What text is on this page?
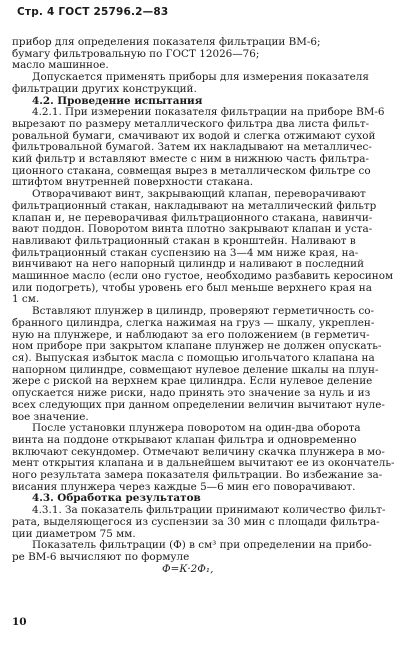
Стр. 4 ГОСТ 25796.2—83
прибор для определения показателя фильтрации ВМ-6;
бумагу фильтровальную по ГОСТ 12026—76;
масло машинное.
Допускается применять приборы для измерения показателя
фильтрации других конструкций.
4.2. Проведение испытания
4.2.1. При измерении показателя фильтрации на приборе ВМ-6
вырезают по размеру металлического фильтра два листа фильт-
ровальной бумаги, смачивают их водой и слегка отжимают сухой
фильтровальной бумагой. Затем их накладывают на металличес-
кий фильтр и вставляют вместе с ним в нижнюю часть фильтра-
ционного стакана, совмещая вырез в металлическом фильтре со
штифтом внутренней поверхности стакана.
Отворачивают винт, закрывающий клапан, переворачивают
фильтрационный стакан, накладывают на металлический фильтр
клапан и, не переворачивая фильтрационного стакана, навинчи-
вают поддон. Поворотом винта плотно закрывают клапан и уста-
навливают фильтрационный стакан в кронштейн. Наливают в
фильтрационный стакан суспензию на 3—4 мм ниже края, на-
винчивают на него напорный цилиндр и наливают в последний
машинное масло (если оно густое, необходимо разбавить керосином
или подогреть), чтобы уровень его был меньше верхнего края на
1 см.
Вставляют плунжер в цилиндр, проверяют герметичность со-
бранного цилиндра, слегка нажимая на груз — шкалу, укреплен-
ную на плунжере, и наблюдают за его положением (в герметич-
ном приборе при закрытом клапане плунжер не должен опускать-
ся). Выпуская избыток масла с помощью игольчатого клапана на
напорном цилиндре, совмещают нулевое деление шкалы на плун-
жере с риской на верхнем крае цилиндра. Если нулевое деление
опускается ниже риски, надо принять это значение за нуль и из
всех следующих при данном определении величин вычитают нуле-
вое значение.
После установки плунжера поворотом на один-два оборота
винта на поддоне открывают клапан фильтра и одновременно
включают секундомер. Отмечают величину скачка плунжера в мо-
мент открытия клапана и в дальнейшем вычитают ее из окончатель-
ного результата замера показателя фильтрации. Во избежание за-
висания плунжера через каждые 5—6 мин его поворачивают.
4.3. Обработка результатов
4.3.1. За показатель фильтрации принимают количество фильт-
рата, выделяющегося из суспензии за 30 мин с площади фильтра-
ции диаметром 75 мм.
Показатель фильтрации (Ф) в см³ при определении на прибо-
ре ВМ-6 вычисляют по формуле
Ф=К·2Ф₁,
10
